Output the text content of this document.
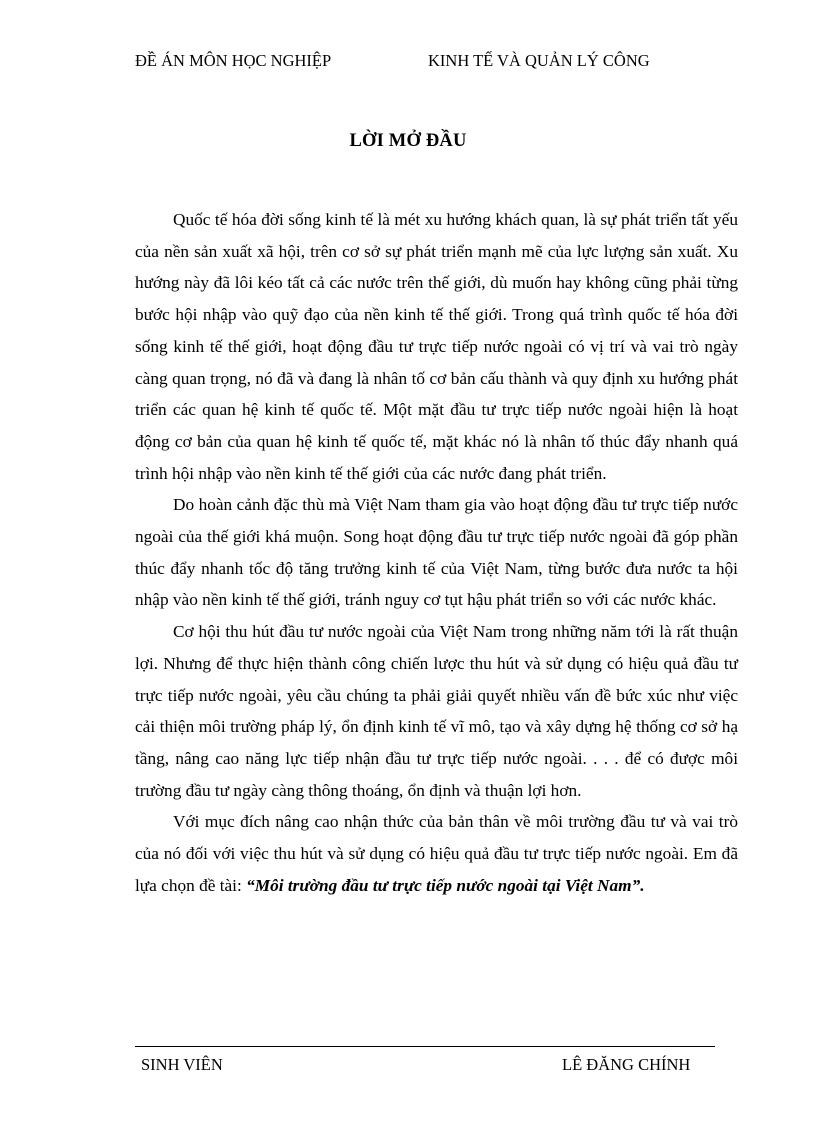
ĐỀ ÁN MÔN HỌC NGHIỆP	KINH TẾ VÀ QUẢN LÝ CÔNG
LỜI MỞ ĐẦU

Quốc tế hóa đời sống kinh tế là mét xu hướng khách quan, là sự phát triển tất yếu của nền sản xuất xã hội, trên cơ sở sự phát triển mạnh mẽ của lực lượng sản xuất. Xu hướng này đã lôi kéo tất cả các nước trên thế giới, dù muốn hay không cũng phải từng bước hội nhập vào quỹ đạo của nền kinh tế thế giới. Trong quá trình quốc tế hóa đời sống kinh tế thế giới, hoạt động đầu tư trực tiếp nước ngoài có vị trí và vai trò ngày càng quan trọng, nó đã và đang là nhân tố cơ bản cấu thành và quy định xu hướng phát triển các quan hệ kinh tế quốc tế. Một mặt đầu tư trực tiếp nước ngoài hiện là hoạt động cơ bản của quan hệ kinh tế quốc tế, mặt khác nó là nhân tố thúc đẩy nhanh quá trình hội nhập vào nền kinh tế thế giới của các nước đang phát triển.

Do hoàn cảnh đặc thù mà Việt Nam tham gia vào hoạt động đầu tư trực tiếp nước ngoài của thế giới khá muộn. Song hoạt động đầu tư trực tiếp nước ngoài đã góp phần thúc đẩy nhanh tốc độ tăng trưởng kinh tế của Việt Nam, từng bước đưa nước ta hội nhập vào nền kinh tế thế giới, tránh nguy cơ tụt hậu phát triển so với các nước khác.

Cơ hội thu hút đầu tư nước ngoài của Việt Nam trong những năm tới là rất thuận lợi. Nhưng để thực hiện thành công chiến lược thu hút và sử dụng có hiệu quả đầu tư trực tiếp nước ngoài, yêu cầu chúng ta phải giải quyết nhiều vấn đề bức xúc như việc cải thiện môi trường pháp lý, ổn định kinh tế vĩ mô, tạo và xây dựng hệ thống cơ sở hạ tầng, nâng cao năng lực tiếp nhận đầu tư trực tiếp nước ngoài. . . . để có được môi trường đầu tư ngày càng thông thoáng, ổn định và thuận lợi hơn.

Với mục đích nâng cao nhận thức của bản thân về môi trường đầu tư và vai trò của nó đối với việc thu hút và sử dụng có hiệu quả đầu tư trực tiếp nước ngoài. Em đã lựa chọn đề tài: “Môi trường đầu tư trực tiếp nước ngoài tại Việt Nam”.

SINH VIÊN	LÊ ĐĂNG CHÍNH
